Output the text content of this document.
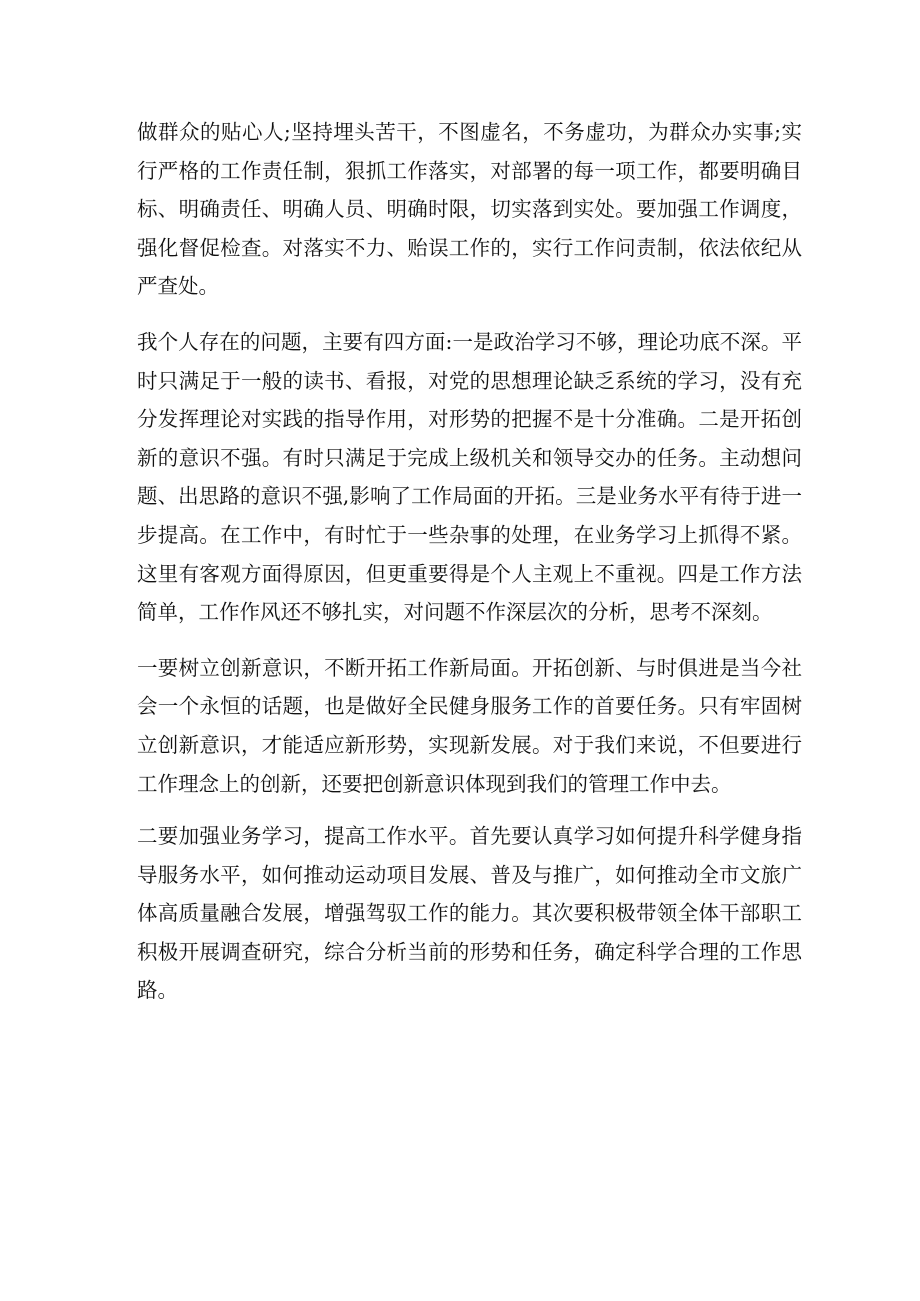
做群众的贴心人;坚持埋头苦干，不图虚名，不务虚功，为群众办实事;实行严格的工作责任制，狠抓工作落实，对部署的每一项工作，都要明确目标、明确责任、明确人员、明确时限，切实落到实处。要加强工作调度，强化督促检查。对落实不力、贻误工作的，实行工作问责制，依法依纪从严查处。

我个人存在的问题，主要有四方面:一是政治学习不够，理论功底不深。平时只满足于一般的读书、看报，对党的思想理论缺乏系统的学习，没有充分发挥理论对实践的指导作用，对形势的把握不是十分准确。二是开拓创新的意识不强。有时只满足于完成上级机关和领导交办的任务。主动想问题、出思路的意识不强,影响了工作局面的开拓。三是业务水平有待于进一步提高。在工作中，有时忙于一些杂事的处理，在业务学习上抓得不紧。这里有客观方面得原因，但更重要得是个人主观上不重视。四是工作方法简单，工作作风还不够扎实，对问题不作深层次的分析，思考不深刻。

一要树立创新意识，不断开拓工作新局面。开拓创新、与时俱进是当今社会一个永恒的话题，也是做好全民健身服务工作的首要任务。只有牢固树立创新意识，才能适应新形势，实现新发展。对于我们来说，不但要进行工作理念上的创新，还要把创新意识体现到我们的管理工作中去。

二要加强业务学习，提高工作水平。首先要认真学习如何提升科学健身指导服务水平，如何推动运动项目发展、普及与推广，如何推动全市文旅广体高质量融合发展，增强驾驭工作的能力。其次要积极带领全体干部职工积极开展调查研究，综合分析当前的形势和任务，确定科学合理的工作思路。
